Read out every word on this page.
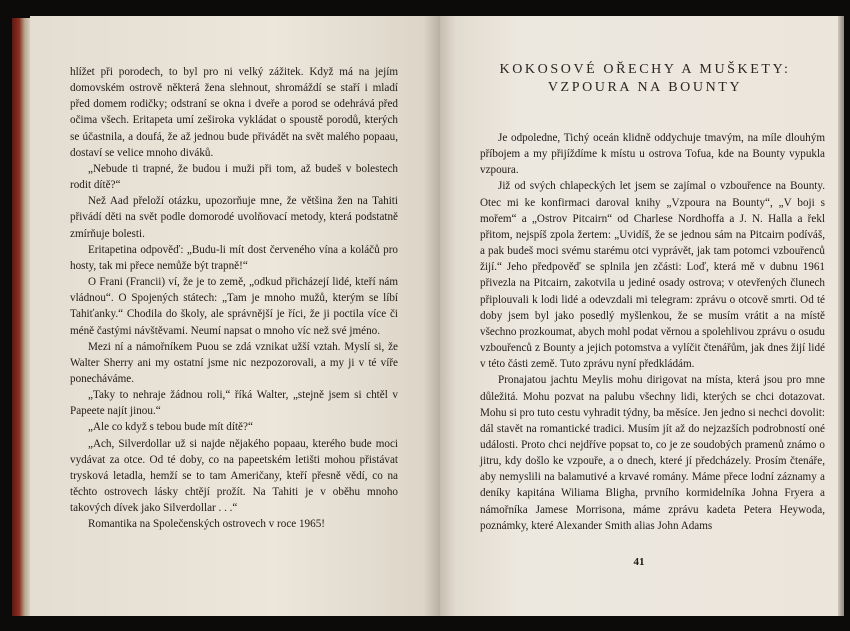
hlížet při porodech, to byl pro ni velký zážitek. Když má na jejím domovském ostrově některá žena slehnout, shromáždí se staří i mladí před domem rodičky; odstraní se okna i dveře a porod se odehrává před očima všech. Eritapeta umí zeširoka vykládat o spoustě porodů, kterých se účastnila, a doufá, že až jednou bude přivádět na svět malého popaau, dostaví se velice mnoho diváků.

„Nebude ti trapné, že budou i muži při tom, až budeš v bolestech rodit dítě?“

Než Aad přeloží otázku, upozorňuje mne, že většina žen na Tahiti přivádí děti na svět podle domorodé uvolňovací metody, která podstatně zmírňuje bolesti.

Eritapetina odpověď: „Budu-li mít dost červeného vína a koláčů pro hosty, tak mi přece nemůže být trapně!“

O Frani (Francii) ví, že je to země, „odkud přicházejí lidé, kteří nám vládnou“. O Spojených státech: „Tam je mnoho mužů, kterým se líbí Tahiťanky.“ Chodila do školy, ale správnější je říci, že ji poctila více či méně častými návštěvami. Neumí napsat o mnoho víc než své jméno.

Mezi ní a námořníkem Puou se zdá vznikat užší vztah. Myslí si, že Walter Sherry ani my ostatní jsme nic nezpozorovali, a my ji v té víře ponecháváme.

„Taky to nehraje žádnou roli,“ říká Walter, „stejně jsem si chtěl v Papeete najít jinou.“

„Ale co když s tebou bude mít dítě?“

„Ach, Silverdollar už si najde nějakého popaau, kterého bude moci vydávat za otce. Od té doby, co na papeetském letišti mohou přistávat trysková letadla, hemží se to tam Američany, kteří přesně vědí, co na těchto ostrovech lásky chtějí prožít. Na Tahiti je v oběhu mnoho takových dívek jako Silverdollar . . .“

Romantika na Společenských ostrovech v roce 1965!

KOKOSOVÉ OŘECHY A MUŠKETY:
VZPOURA NA BOUNTY

Je odpoledne, Tichý oceán klidně oddychuje tmavým, na míle dlouhým příbojem a my přijíždíme k místu u ostrova Tofua, kde na Bounty vypukla vzpoura.

Již od svých chlapeckých let jsem se zajímal o vzbouřence na Bounty. Otec mi ke konfirmaci daroval knihy „Vzpoura na Bounty“, „V boji s mořem“ a „Ostrov Pitcairn“ od Charlese Nordhoffa a J. N. Halla a řekl přitom, nejspíš zpola žertem: „Uvidíš, že se jednou sám na Pitcairn podíváš, a pak budeš moci svému starému otci vyprávět, jak tam potomci vzbouřenců žijí.“ Jeho předpověď se splnila jen zčásti: Loď, která mě v dubnu 1961 přivezla na Pitcairn, zakotvila u jediné osady ostrova; v otevřených člunech připlouvali k lodi lidé a odevzdali mi telegram: zprávu o otcově smrti. Od té doby jsem byl jako posedlý myšlenkou, že se musím vrátit a na místě všechno prozkoumat, abych mohl podat věrnou a spolehlivou zprávu o osudu vzbouřenců z Bounty a jejich potomstva a vylíčit čtenářům, jak dnes žijí lidé v této části země. Tuto zprávu nyní předkládám.

Pronajatou jachtu Meylis mohu dirigovat na místa, která jsou pro mne důležitá. Mohu pozvat na palubu všechny lidi, kterých se chci dotazovat. Mohu si pro tuto cestu vyhradit týdny, ba měsíce. Jen jedno si nechci dovolit: dál stavět na romantické tradici. Musím jít až do nejzazších podrobností oné události. Proto chci nejdříve popsat to, co je ze soudobých pramenů známo o jitru, kdy došlo ke vzpouře, a o dnech, které jí předcházely. Prosím čtenáře, aby nemyslili na balamutivé a krvavé romány. Máme přece lodní záznamy a deníky kapitána Wiliama Bligha, prvního kormidelníka Johna Fryera a námořníka Jamese Morrisona, máme zprávu kadeta Petera Heywoda, poznámky, které Alexander Smith alias John Adams

41
